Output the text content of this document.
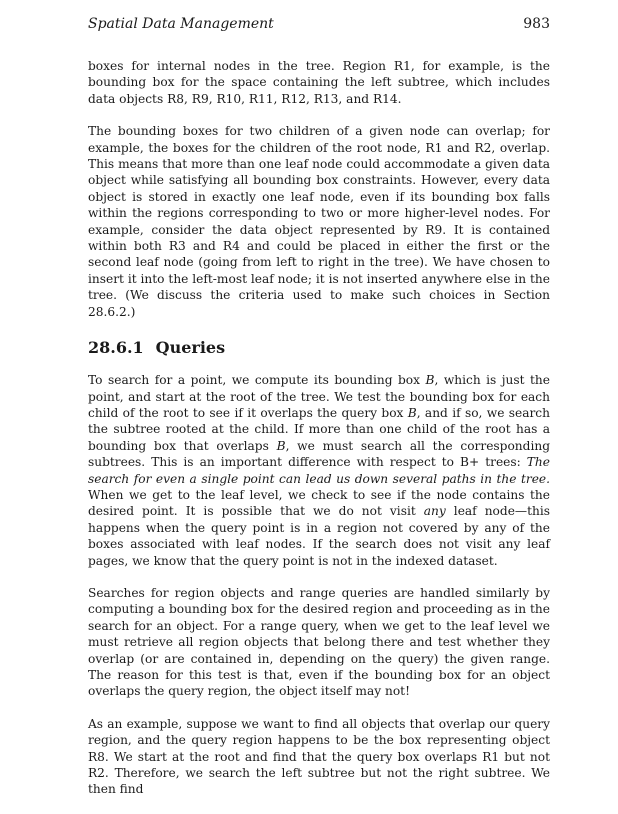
Spatial Data Management	983

boxes for internal nodes in the tree. Region R1, for example, is the bounding box for the space containing the left subtree, which includes data objects R8, R9, R10, R11, R12, R13, and R14.

The bounding boxes for two children of a given node can overlap; for example, the boxes for the children of the root node, R1 and R2, overlap. This means that more than one leaf node could accommodate a given data object while satisfying all bounding box constraints. However, every data object is stored in exactly one leaf node, even if its bounding box falls within the regions corresponding to two or more higher-level nodes. For example, consider the data object represented by R9. It is contained within both R3 and R4 and could be placed in either the first or the second leaf node (going from left to right in the tree). We have chosen to insert it into the left-most leaf node; it is not inserted anywhere else in the tree. (We discuss the criteria used to make such choices in Section 28.6.2.)

28.6.1 Queries

To search for a point, we compute its bounding box B, which is just the point, and start at the root of the tree. We test the bounding box for each child of the root to see if it overlaps the query box B, and if so, we search the subtree rooted at the child. If more than one child of the root has a bounding box that overlaps B, we must search all the corresponding subtrees. This is an important difference with respect to B+ trees: The search for even a single point can lead us down several paths in the tree. When we get to the leaf level, we check to see if the node contains the desired point. It is possible that we do not visit any leaf node—this happens when the query point is in a region not covered by any of the boxes associated with leaf nodes. If the search does not visit any leaf pages, we know that the query point is not in the indexed dataset.

Searches for region objects and range queries are handled similarly by computing a bounding box for the desired region and proceeding as in the search for an object. For a range query, when we get to the leaf level we must retrieve all region objects that belong there and test whether they overlap (or are contained in, depending on the query) the given range. The reason for this test is that, even if the bounding box for an object overlaps the query region, the object itself may not!

As an example, suppose we want to find all objects that overlap our query region, and the query region happens to be the box representing object R8. We start at the root and find that the query box overlaps R1 but not R2. Therefore, we search the left subtree but not the right subtree. We then find
